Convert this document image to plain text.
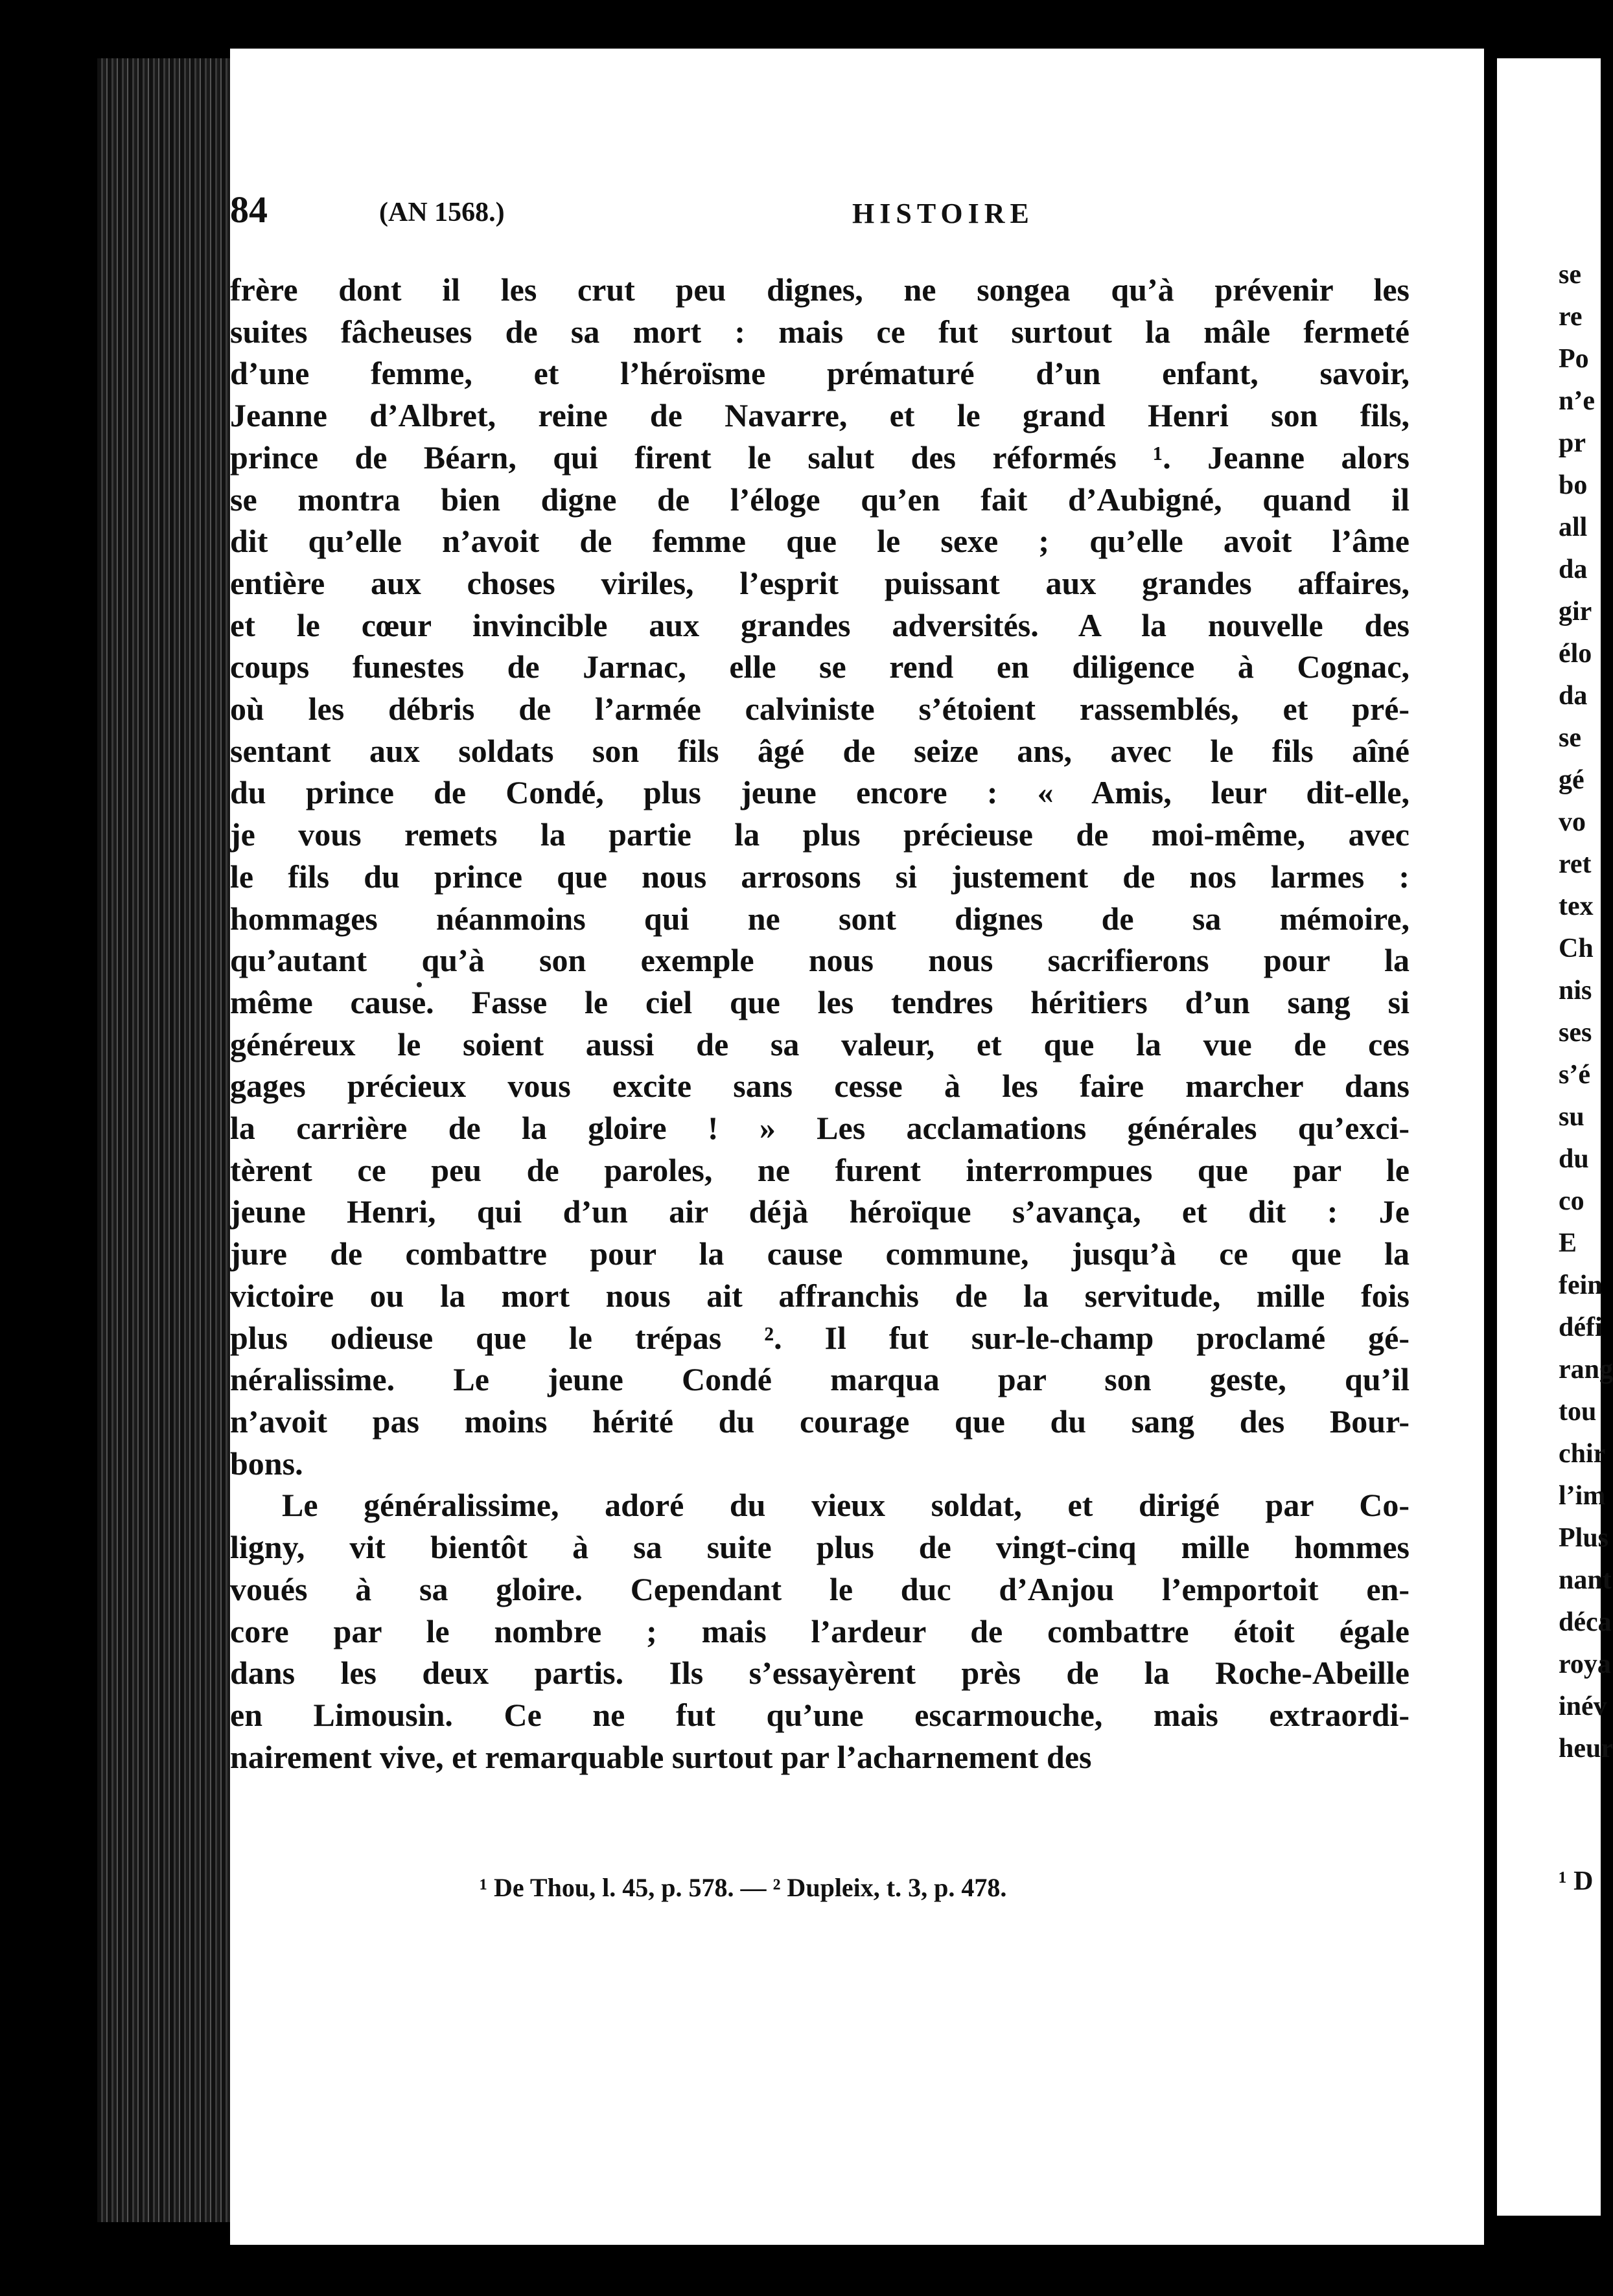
se
re
Po
n’e
pr
bo
all
da
gir
élo
da
se
gé
vo
ret
tex
Ch
nis
ses
s’é
su
du
co
E
fein
défi
rang
tou
chir
l’im
Plus
nant
déca
roya
inév
heur
¹ D
84	(AN 1568.)	HISTOIRE

frère dont il les crut peu dignes, ne songea qu’à prévenir les

suites fâcheuses de sa mort : mais ce fut surtout la mâle fermeté

d’une femme, et l’héroïsme prématuré d’un enfant, savoir,

Jeanne d’Albret, reine de Navarre, et le grand Henri son fils,

prince de Béarn, qui firent le salut des réformés ¹. Jeanne alors

se montra bien digne de l’éloge qu’en fait d’Aubigné, quand il

dit qu’elle n’avoit de femme que le sexe ; qu’elle avoit l’âme

entière aux choses viriles, l’esprit puissant aux grandes affaires,

et le cœur invincible aux grandes adversités. A la nouvelle des

coups funestes de Jarnac, elle se rend en diligence à Cognac,

où les débris de l’armée calviniste s’étoient rassemblés, et pré-

sentant aux soldats son fils âgé de seize ans, avec le fils aîné

du prince de Condé, plus jeune encore : « Amis, leur dit-elle,

je vous remets la partie la plus précieuse de moi-même, avec

le fils du prince que nous arrosons si justement de nos larmes :

hommages néanmoins qui ne sont dignes de sa mémoire,

qu’autant qu’à son exemple nous nous sacrifierons pour la

même cause. Fasse le ciel que les tendres héritiers d’un sang si

généreux le soient aussi de sa valeur, et que la vue de ces

gages précieux vous excite sans cesse à les faire marcher dans

la carrière de la gloire ! » Les acclamations générales qu’exci-

tèrent ce peu de paroles, ne furent interrompues que par le

jeune Henri, qui d’un air déjà héroïque s’avança, et dit : Je

jure de combattre pour la cause commune, jusqu’à ce que la

victoire ou la mort nous ait affranchis de la servitude, mille fois

plus odieuse que le trépas ². Il fut sur-le-champ proclamé gé-

néralissime. Le jeune Condé marqua par son geste, qu’il

n’avoit pas moins hérité du courage que du sang des Bour-

bons.

Le généralissime, adoré du vieux soldat, et dirigé par Co-

ligny, vit bientôt à sa suite plus de vingt-cinq mille hommes

voués à sa gloire. Cependant le duc d’Anjou l’emportoit en-

core par le nombre ; mais l’ardeur de combattre étoit égale

dans les deux partis. Ils s’essayèrent près de la Roche-Abeille

en Limousin. Ce ne fut qu’une escarmouche, mais extraordi-

nairement vive, et remarquable surtout par l’acharnement des

¹ De Thou, l. 45, p. 578. — ² Dupleix, t. 3, p. 478.
